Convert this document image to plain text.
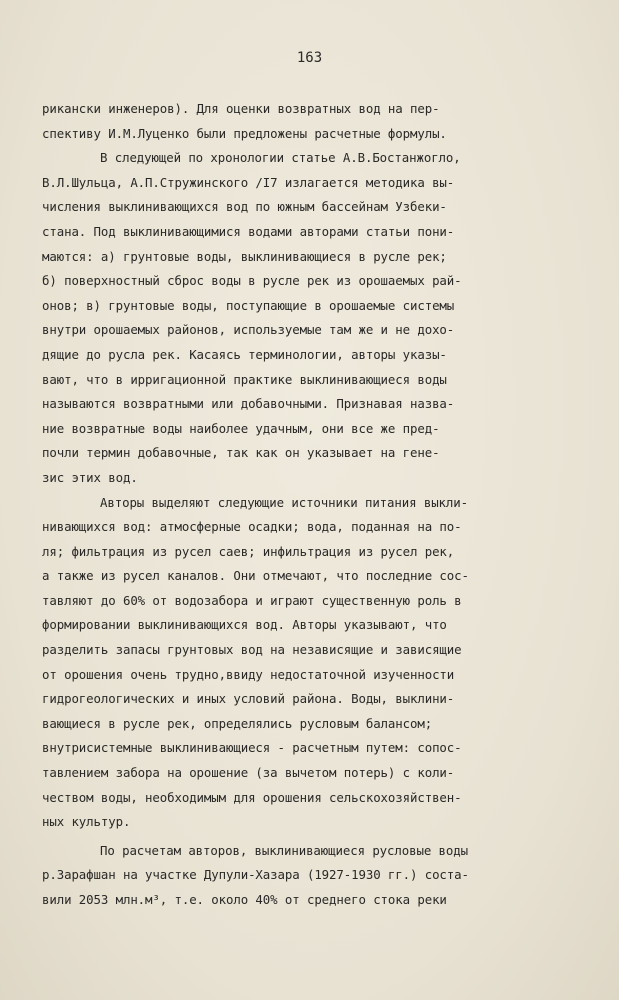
163
рикански инженеров). Для оценки возвратных вод на пер-
спективу И.М.Луценко были предложены расчетные формулы.
В следующей по хронологии статье А.В.Бостанжогло,
В.Л.Шульца, А.П.Стружинского /I7 излагается методика вы-
числения выклинивающихся вод по южным бассейнам Узбеки-
стана. Под выклинивающимися водами авторами статьи пони-
маются: а) грунтовые воды, выклинивающиеся в русле рек;
б) поверхностный сброс воды в русле рек из орошаемых рай-
онов; в) грунтовые воды, поступающие в орошаемые системы
внутри орошаемых районов, используемые там же и не дохо-
дящие до русла рек. Касаясь терминологии, авторы указы-
вают, что в ирригационной практике выклинивающиеся воды
называются возвратными или добавочными. Признавая назва-
ние возвратные воды наиболее удачным, они все же пред-
почли термин добавочные, так как он указывает на гене-
зис этих вод.
Авторы выделяют следующие источники питания выкли-
нивающихся вод: атмосферные осадки; вода, поданная на по-
ля; фильтрация из русел саев; инфильтрация из русел рек,
а также из русел каналов. Они отмечают, что последние сос-
тавляют до 60% от водозабора и играют существенную роль в
формировании выклинивающихся вод. Авторы указывают, что
разделить запасы грунтовых вод на независящие и зависящие
от орошения очень трудно,ввиду недостаточной изученности
гидрогеологических и иных условий района. Воды, выклини-
вающиеся в русле рек, определялись русловым балансом;
внутрисистемные выклинивающиеся - расчетным путем: сопос-
тавлением забора на орошение (за вычетом потерь) с коли-
чеством воды, необходимым для орошения сельскохозяйствен-
ных культур.
По расчетам авторов, выклинивающиеся русловые воды
р.Зарафшан на участке Дупули-Хазара (1927-1930 гг.) соста-
вили 2053 млн.м³, т.е. около 40% от среднего стока реки
